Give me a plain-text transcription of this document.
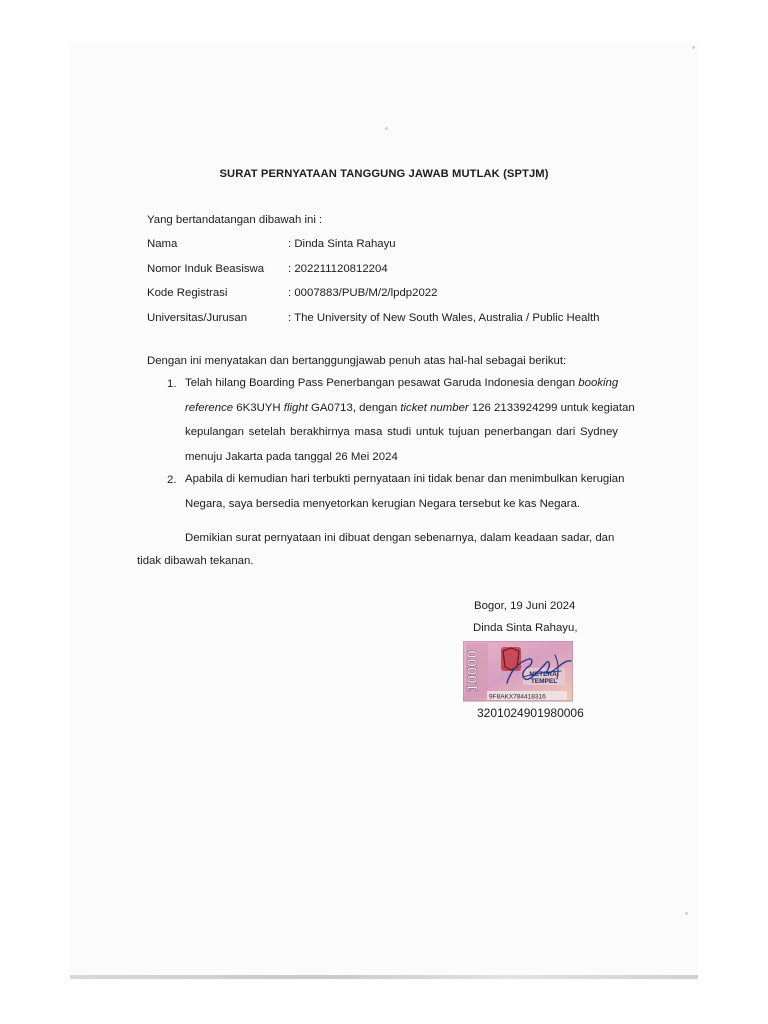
SURAT PERNYATAAN TANGGUNG JAWAB MUTLAK (SPTJM)
Yang bertandatangan dibawah ini :
Nama	: Dinda Sinta Rahayu
Nomor Induk Beasiswa : 202211120812204
Kode Registrasi	: 0007883/PUB/M/2/lpdp2022
Universitas/Jurusan	: The University of New South Wales, Australia / Public Health
Dengan ini menyatakan dan bertanggungjawab penuh atas hal-hal sebagai berikut:
1. Telah hilang Boarding Pass Penerbangan pesawat Garuda Indonesia dengan booking
reference 6K3UYH flight GA0713, dengan ticket number 126 2133924299 untuk kegiatan
kepulangan setelah berakhirnya masa studi untuk tujuan penerbangan dari Sydney
menuju Jakarta pada tanggal 26 Mei 2024
2. Apabila di kemudian hari terbukti pernyataan ini tidak benar dan menimbulkan kerugian
Negara, saya bersedia menyetorkan kerugian Negara tersebut ke kas Negara.
Demikian surat pernyataan ini dibuat dengan sebenarnya, dalam keadaan sadar, dan
tidak dibawah tekanan.
Bogor, 19 Juni 2024
Dinda Sinta Rahayu,
10000	METERAI
TEMPEL
9F8AKX784418316
3201024901980006
